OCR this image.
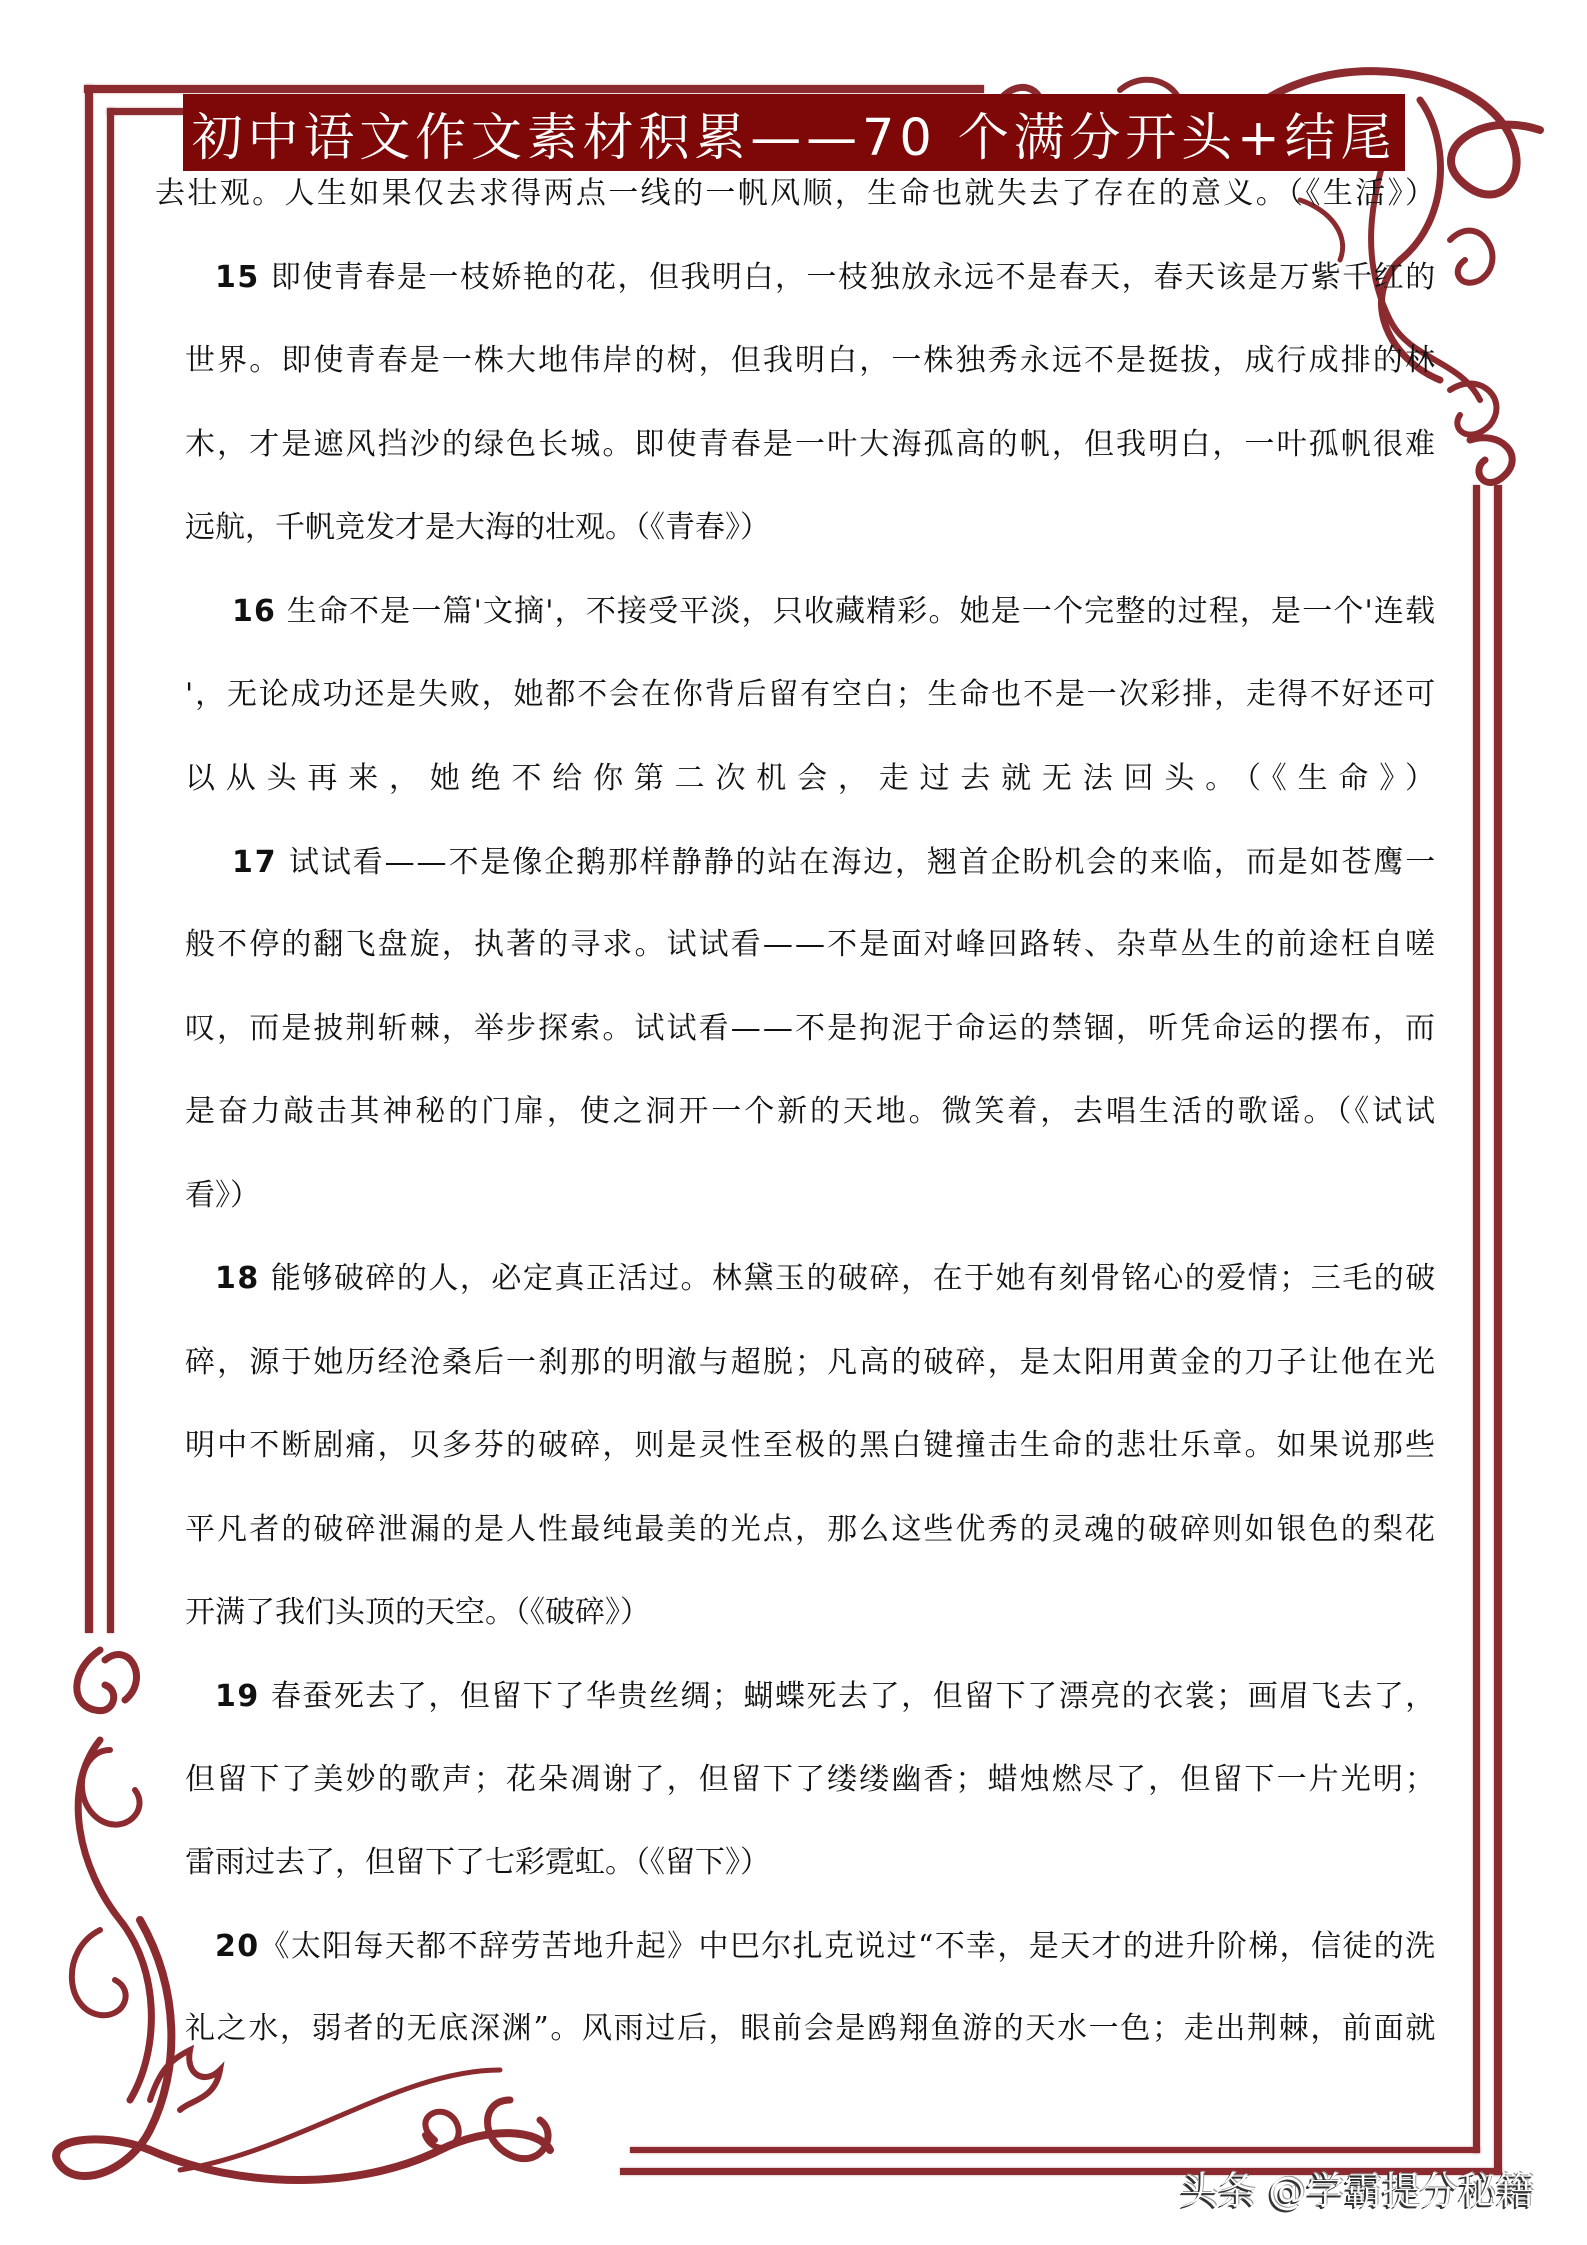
初中语文作文素材积累——70 个满分开头+结尾
去壮观。人生如果仅去求得两点一线的一帆风顺，生命也就失去了存在的意义。（《生活》）
15 即使青春是一枝娇艳的花，但我明白，一枝独放永远不是春天，春天该是万紫千红的
世界。即使青春是一株大地伟岸的树，但我明白，一株独秀永远不是挺拔，成行成排的林
木，才是遮风挡沙的绿色长城。即使青春是一叶大海孤高的帆，但我明白，一叶孤帆很难
远航，千帆竞发才是大海的壮观。（《青春》）
16 生命不是一篇'文摘'，不接受平淡，只收藏精彩。她是一个完整的过程，是一个'连载
'，无论成功还是失败，她都不会在你背后留有空白；生命也不是一次彩排，走得不好还可
以从头再来，她绝不给你第二次机会，走过去就无法回头。（《生命》）
17 试试看——不是像企鹅那样静静的站在海边，翘首企盼机会的来临，而是如苍鹰一
般不停的翻飞盘旋，执著的寻求。试试看——不是面对峰回路转、杂草丛生的前途枉自嗟
叹，而是披荆斩棘，举步探索。试试看——不是拘泥于命运的禁锢，听凭命运的摆布，而
是奋力敲击其神秘的门扉，使之洞开一个新的天地。微笑着，去唱生活的歌谣。（《试试
看》）
18 能够破碎的人，必定真正活过。林黛玉的破碎，在于她有刻骨铭心的爱情；三毛的破
碎，源于她历经沧桑后一刹那的明澈与超脱；凡高的破碎，是太阳用黄金的刀子让他在光
明中不断剧痛，贝多芬的破碎，则是灵性至极的黑白键撞击生命的悲壮乐章。如果说那些
平凡者的破碎泄漏的是人性最纯最美的光点，那么这些优秀的灵魂的破碎则如银色的梨花
开满了我们头顶的天空。（《破碎》）
19 春蚕死去了，但留下了华贵丝绸；蝴蝶死去了，但留下了漂亮的衣裳；画眉飞去了，
但留下了美妙的歌声；花朵凋谢了，但留下了缕缕幽香；蜡烛燃尽了，但留下一片光明；
雷雨过去了，但留下了七彩霓虹。（《留下》）
20《太阳每天都不辞劳苦地升起》中巴尔扎克说过“不幸，是天才的进升阶梯，信徒的洗
礼之水，弱者的无底深渊”。风雨过后，眼前会是鸥翔鱼游的天水一色；走出荆棘，前面就
头条 @学霸提分秘籍
